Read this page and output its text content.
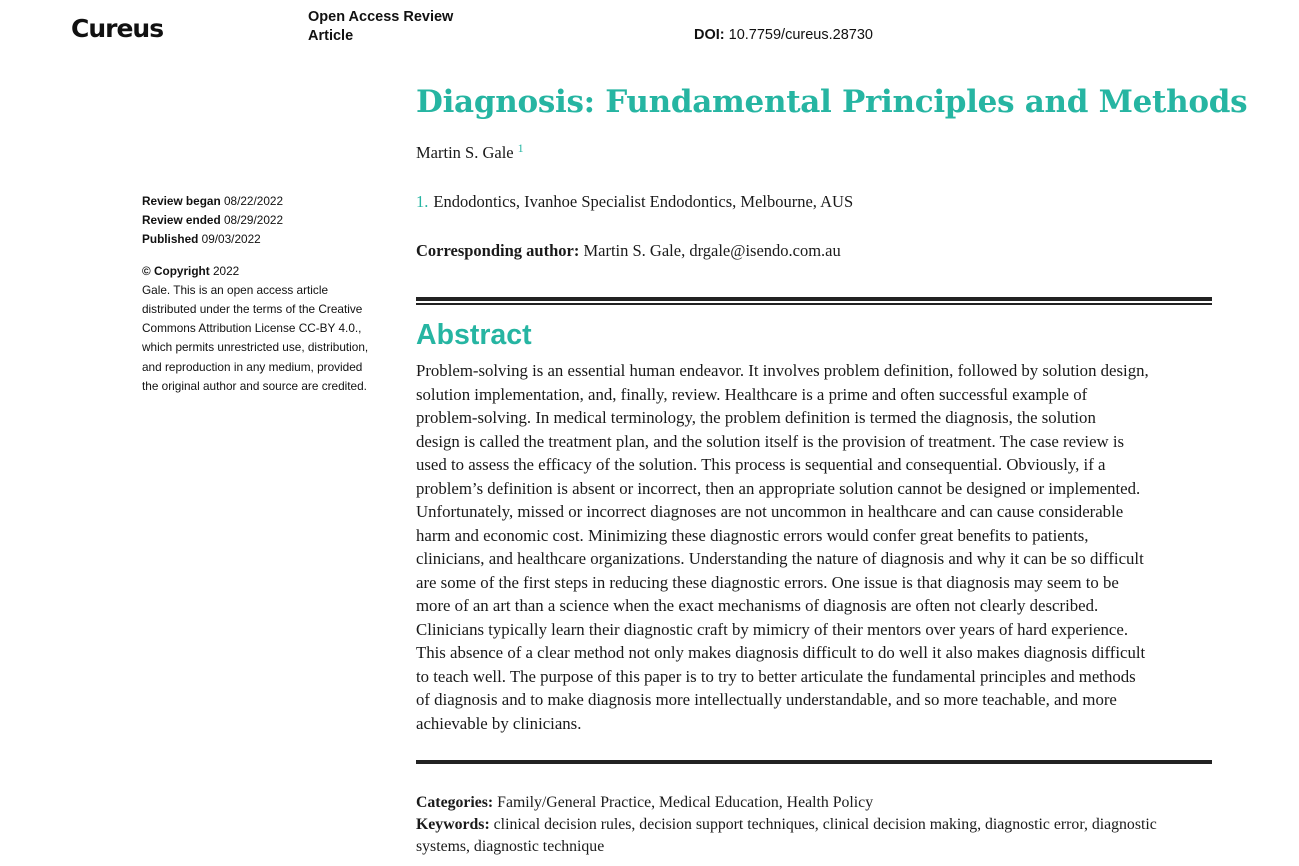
Cureus	Open Access Review
Article	DOI: 10.7759/cureus.28730
Review began 08/22/2022
Review ended 08/29/2022
Published 09/03/2022
© Copyright 2022
Gale. This is an open access article
distributed under the terms of the Creative
Commons Attribution License CC-BY 4.0.,
which permits unrestricted use, distribution,
and reproduction in any medium, provided
the original author and source are credited.
Diagnosis: Fundamental Principles and Methods
Martin S. Gale $^1$
1. Endodontics, Ivanhoe Specialist Endodontics, Melbourne, AUS
Corresponding author: Martin S. Gale, drgale@isendo.com.au
Abstract
Problem-solving is an essential human endeavor. It involves problem definition, followed by solution design,
solution implementation, and, finally, review. Healthcare is a prime and often successful example of
problem-solving. In medical terminology, the problem definition is termed the diagnosis, the solution
design is called the treatment plan, and the solution itself is the provision of treatment. The case review is
used to assess the efficacy of the solution. This process is sequential and consequential. Obviously, if a
problem’s definition is absent or incorrect, then an appropriate solution cannot be designed or implemented.
Unfortunately, missed or incorrect diagnoses are not uncommon in healthcare and can cause considerable
harm and economic cost. Minimizing these diagnostic errors would confer great benefits to patients,
clinicians, and healthcare organizations. Understanding the nature of diagnosis and why it can be so difficult
are some of the first steps in reducing these diagnostic errors. One issue is that diagnosis may seem to be
more of an art than a science when the exact mechanisms of diagnosis are often not clearly described.
Clinicians typically learn their diagnostic craft by mimicry of their mentors over years of hard experience.
This absence of a clear method not only makes diagnosis difficult to do well it also makes diagnosis difficult
to teach well. The purpose of this paper is to try to better articulate the fundamental principles and methods
of diagnosis and to make diagnosis more intellectually understandable, and so more teachable, and more
achievable by clinicians.
Categories: Family/General Practice, Medical Education, Health Policy
Keywords: clinical decision rules, decision support techniques, clinical decision making, diagnostic error, diagnostic
systems, diagnostic technique
